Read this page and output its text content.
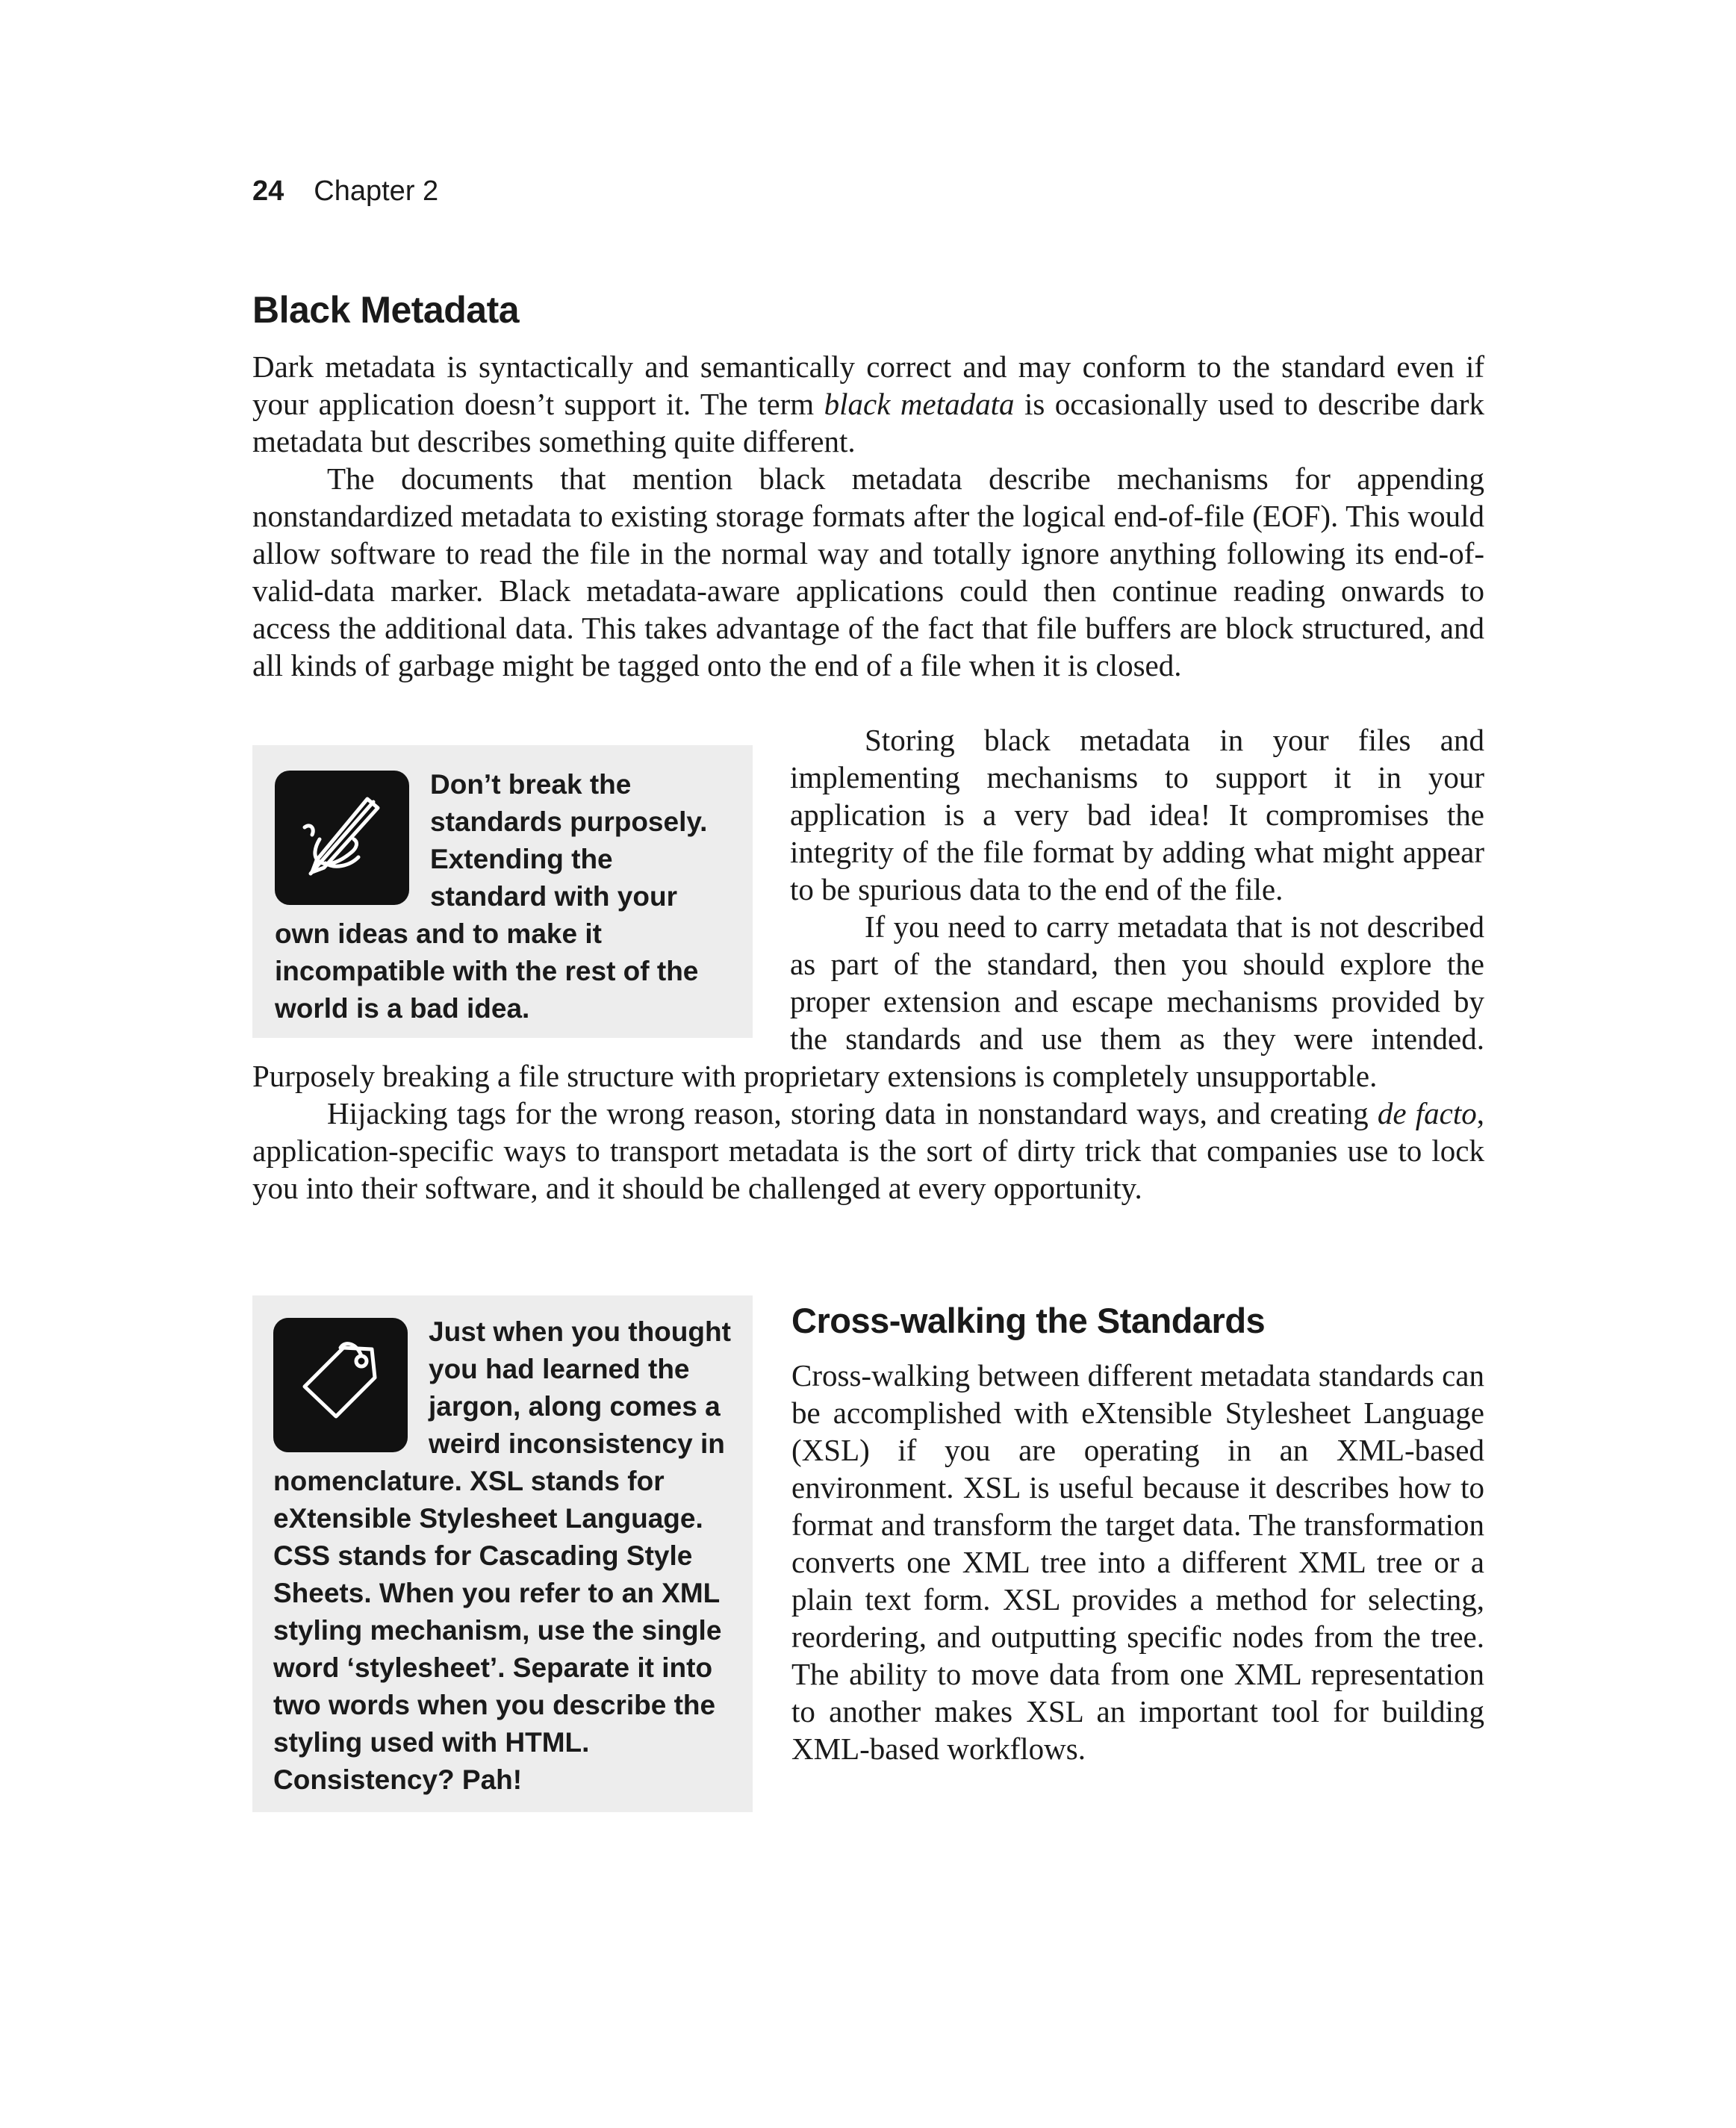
24 Chapter 2
Black Metadata

Dark metadata is syntactically and semantically correct and may conform to the standard even if your application doesn’t support it. The term black metadata is occasionally used to describe dark metadata but describes something quite different.

The documents that mention black metadata describe mechanisms for appending nonstandardized metadata to existing storage formats after the logical end-of-file (EOF). This would allow software to read the file in the normal way and totally ignore anything following its end-of-valid-data marker. Black metadata-aware applications could then continue reading onwards to access the additional data. This takes advantage of the fact that file buffers are block structured, and all kinds of garbage might be tagged onto the end of a file when it is closed.

Don’t break the standards purposely. Extending the standard with your own ideas and to make it incompatible with the rest of the world is a bad idea.

Storing black metadata in your files and implementing mechanisms to support it in your application is a very bad idea! It compromises the integrity of the file format by adding what might appear to be spurious data to the end of the file.

If you need to carry metadata that is not described as part of the standard, then you should explore the proper extension and escape mechanisms provided by the standards and use them as they were intended. Purposely breaking a file structure with proprietary extensions is completely unsupportable.

Hijacking tags for the wrong reason, storing data in nonstandard ways, and creating de facto, application-specific ways to transport metadata is the sort of dirty trick that companies use to lock you into their software, and it should be challenged at every opportunity.

Just when you thought you had learned the jargon, along comes a weird inconsistency in nomenclature. XSL stands for eXtensible Stylesheet Language. CSS stands for Cascading Style Sheets. When you refer to an XML styling mechanism, use the single word ‘stylesheet’. Separate it into two words when you describe the styling used with HTML. Consistency? Pah!
Cross-walking the Standards

Cross-walking between different metadata standards can be accomplished with eXtensible Stylesheet Language (XSL) if you are operating in an XML-based environment. XSL is useful because it describes how to format and transform the target data. The transformation converts one XML tree into a different XML tree or a plain text form. XSL provides a method for selecting, reordering, and outputting specific nodes from the tree. The ability to move data from one XML representation to another makes XSL an important tool for building XML-based workflows.
